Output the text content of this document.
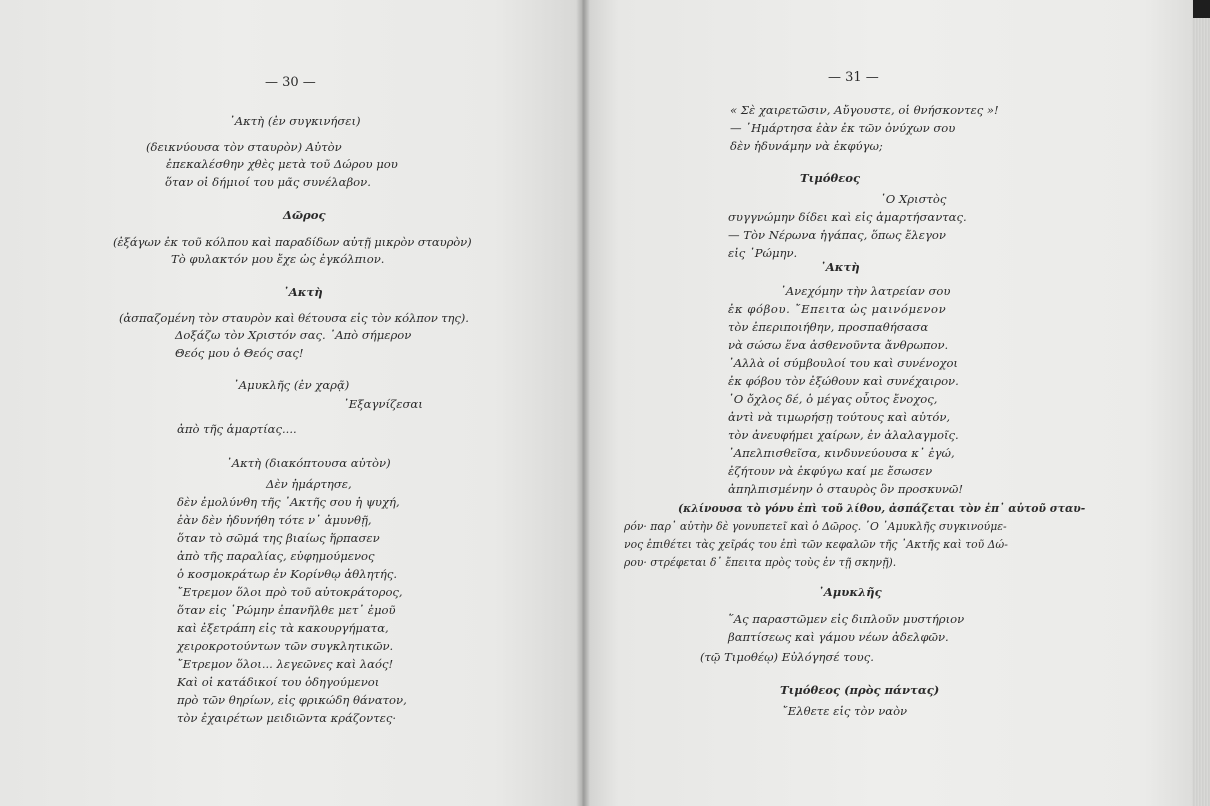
— 30 —
᾽Ακτὴ (ἐν συγκινήσει)
(δεικνύουσα τὸν σταυρὸν) Αὐτὸν
ἐπεκαλέσθην χθὲς μετὰ τοῦ Δώρου μου
ὅταν οἱ δήμιοί του μᾶς συνέλαβον.
Δῶρος
(ἐξάγων ἐκ τοῦ κόλπου καὶ παραδίδων αὐτῇ μικρὸν σταυρὸν)
Τὸ φυλακτόν μου ἔχε ὡς ἐγκόλπιον.
᾽Ακτὴ
(ἀσπαζομένη τὸν σταυρὸν καὶ θέτουσα εἰς τὸν κόλπον της).
Δοξάζω τὸν Χριστόν σας. ᾽Απὸ σήμερον
Θεός μου ὁ Θεός σας!
᾽Αμυκλῆς (ἐν χαρᾷ)
᾽Εξαγνίζεσαι
ἀπὸ τῆς ἁμαρτίας....
᾽Ακτὴ (διακόπτουσα αὐτὸν)
Δὲν ἡμάρτησε,
δὲν ἐμολύνθη τῆς ᾽Ακτῆς σου ἡ ψυχή,
ἐὰν δὲν ἠδυνήθη τότε ν᾽ ἀμυνθῇ,
ὅταν τὸ σῶμά της βιαίως ἥρπασεν
ἀπὸ τῆς παραλίας, εὐφημούμενος
ὁ κοσμοκράτωρ ἐν Κορίνθῳ ἀθλητής.
῎Ετρεμον ὅλοι πρὸ τοῦ αὐτοκράτορος,
ὅταν εἰς ῾Ρώμην ἐπανῆλθε μετ᾽ ἐμοῦ
καὶ ἐξετράπη εἰς τὰ κακουργήματα,
χειροκροτούντων τῶν συγκλητικῶν.
῎Ετρεμον ὅλοι... λεγεῶνες καὶ λαός!
Καὶ οἱ κατάδικοί του ὁδηγούμενοι
πρὸ τῶν θηρίων, εἰς φρικώδη θάνατον,
τὸν ἐχαιρέτων μειδιῶντα κράζοντες·
— 31 —
« Σὲ χαιρετῶσιν, Αὔγουστε, οἱ θνήσκοντες »!
— ῾Ημάρτησα ἐὰν ἐκ τῶν ὀνύχων σου
δὲν ἠδυνάμην νὰ ἐκφύγω;
Τιμόθεος
῾Ο Χριστὸς
συγγνώμην δίδει καὶ εἰς ἁμαρτήσαντας.
— Τὸν Νέρωνα ἠγάπας, ὅπως ἔλεγον
εἰς ῾Ρώμην.
᾽Ακτὴ
᾽Ανεχόμην τὴν λατρείαν σου
ἐκ φόβου. ῎Επειτα ὡς μαινόμενον
τὸν ἐπεριποιήθην, προσπαθήσασα
νὰ σώσω ἕνα ἀσθενοῦντα ἄνθρωπον.
᾽Αλλὰ οἱ σύμβουλοί του καὶ συνένοχοι
ἐκ φόβου τὸν ἐξώθουν καὶ συνέχαιρον.
῾Ο ὄχλος δέ, ὁ μέγας οὗτος ἔνοχος,
ἀντὶ νὰ τιμωρήσῃ τούτους καὶ αὐτόν,
τὸν ἀνευφήμει χαίρων, ἐν ἀλαλαγμοῖς.
᾽Απελπισθεῖσα, κινδυνεύουσα κ᾽ ἐγώ,
ἐζήτουν νὰ ἐκφύγω καί με ἔσωσεν
ἀπηλπισμένην ὁ σταυρὸς ὃν προσκυνῶ!
(κλίνουσα τὸ γόνυ ἐπὶ τοῦ λίθου, ἀσπάζεται τὸν ἐπ᾽ αὐτοῦ σταυ-
ρόν· παρ᾽ αὐτὴν δὲ γονυπετεῖ καὶ ὁ Δῶρος. ῾Ο ᾽Αμυκλῆς συγκινούμε-
νος ἐπιθέτει τὰς χεῖράς του ἐπὶ τῶν κεφαλῶν τῆς ᾽Ακτῆς καὶ τοῦ Δώ-
ρου· στρέφεται δ᾽ ἔπειτα πρὸς τοὺς ἐν τῇ σκηνῇ).
᾽Αμυκλῆς
῞Ας παραστῶμεν εἰς διπλοῦν μυστήριον
βαπτίσεως καὶ γάμου νέων ἀδελφῶν.
(τῷ Τιμοθέῳ) Εὐλόγησέ τους.
Τιμόθεος (πρὸς πάντας)
῎Ελθετε εἰς τὸν ναὸν
